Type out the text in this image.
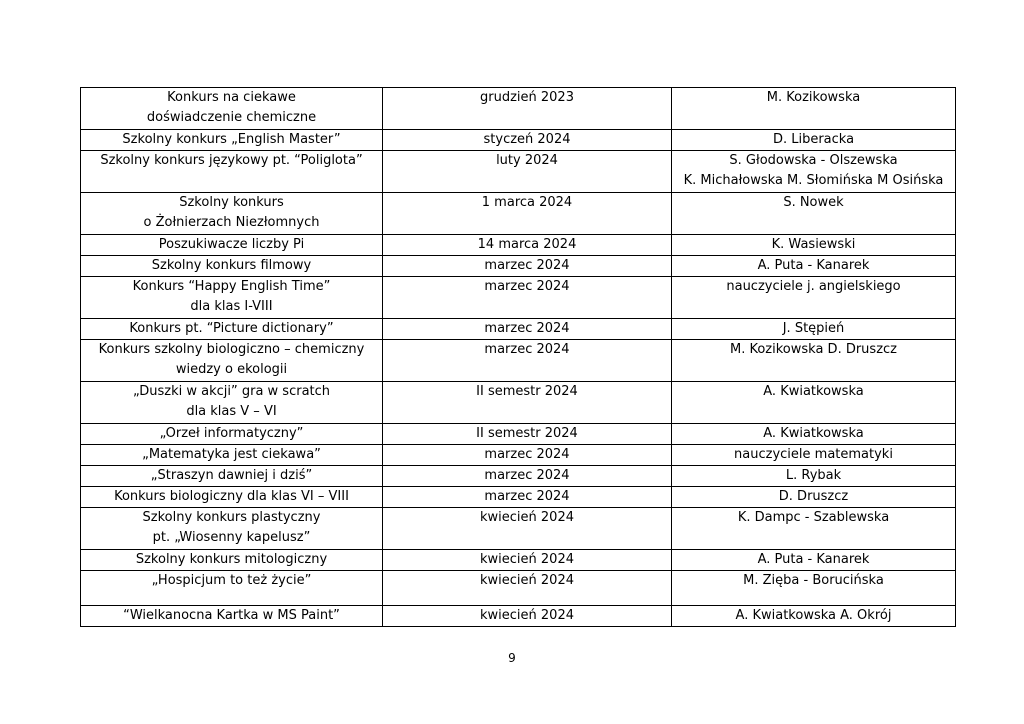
Konkurs na ciekawe
doświadczenie chemiczne	grudzień 2023	M. Kozikowska

Szkolny konkurs „English Master”	styczeń 2024	D. Liberacka

Szkolny konkurs językowy pt. “Poliglota”	luty 2024	S. Głodowska - Olszewska
K. Michałowska M. Słomińska M Osińska

Szkolny konkurs
o Żołnierzach Niezłomnych	1 marca 2024	S. Nowek

Poszukiwacze liczby Pi	14 marca 2024	K. Wasiewski

Szkolny konkurs filmowy	marzec 2024	A. Puta - Kanarek

Konkurs “Happy English Time”
dla klas I-VIII	marzec 2024	nauczyciele j. angielskiego

Konkurs pt. “Picture dictionary”	marzec 2024	J. Stępień

Konkurs szkolny biologiczno – chemiczny
wiedzy o ekologii	marzec 2024	M. Kozikowska D. Druszcz

„Duszki w akcji” gra w scratch
dla klas V – VI	II semestr 2024	A. Kwiatkowska

„Orzeł informatyczny”	II semestr 2024	A. Kwiatkowska

„Matematyka jest ciekawa”	marzec 2024	nauczyciele matematyki

„Straszyn dawniej i dziś”	marzec 2024	L. Rybak

Konkurs biologiczny dla klas VI – VIII	marzec 2024	D. Druszcz

Szkolny konkurs plastyczny
pt. „Wiosenny kapelusz”	kwiecień 2024	K. Dampc - Szablewska

Szkolny konkurs mitologiczny	kwiecień 2024	A. Puta - Kanarek

„Hospicjum to też życie”	kwiecień 2024	M. Zięba - Borucińska

“Wielkanocna Kartka w MS Paint”	kwiecień 2024	A. Kwiatkowska A. Okrój
9
